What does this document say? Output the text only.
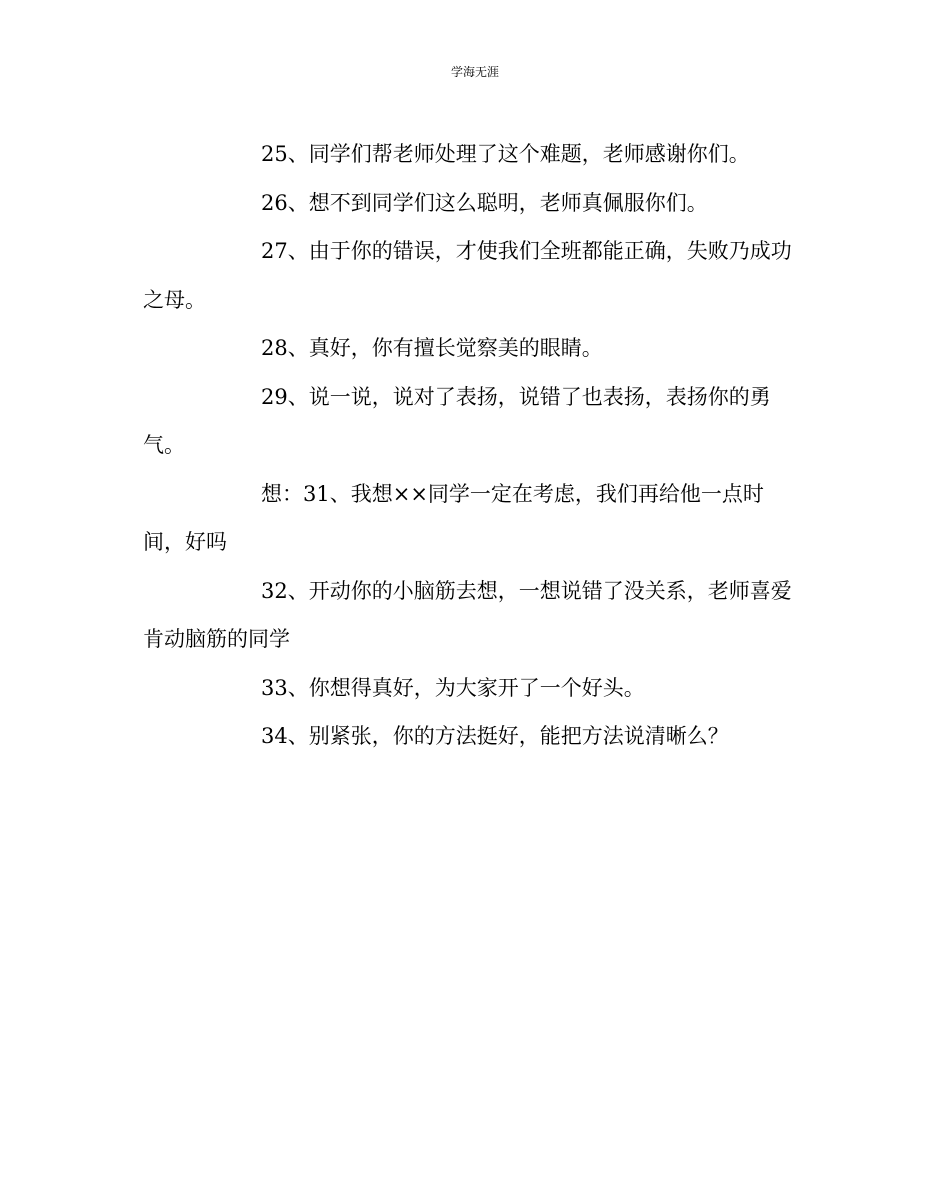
学海无涯

25、同学们帮老师处理了这个难题，老师感谢你们。

26、想不到同学们这么聪明，老师真佩服你们。

27、由于你的错误，才使我们全班都能正确，失败乃成功
之母。

28、真好，你有擅长觉察美的眼睛。

29、说一说，说对了表扬，说错了也表扬，表扬你的勇
气。

想：31、我想××同学一定在考虑，我们再给他一点时
间，好吗

32、开动你的小脑筋去想，一想说错了没关系，老师喜爱
肯动脑筋的同学

33、你想得真好，为大家开了一个好头。

34、别紧张，你的方法挺好，能把方法说清晰么？
